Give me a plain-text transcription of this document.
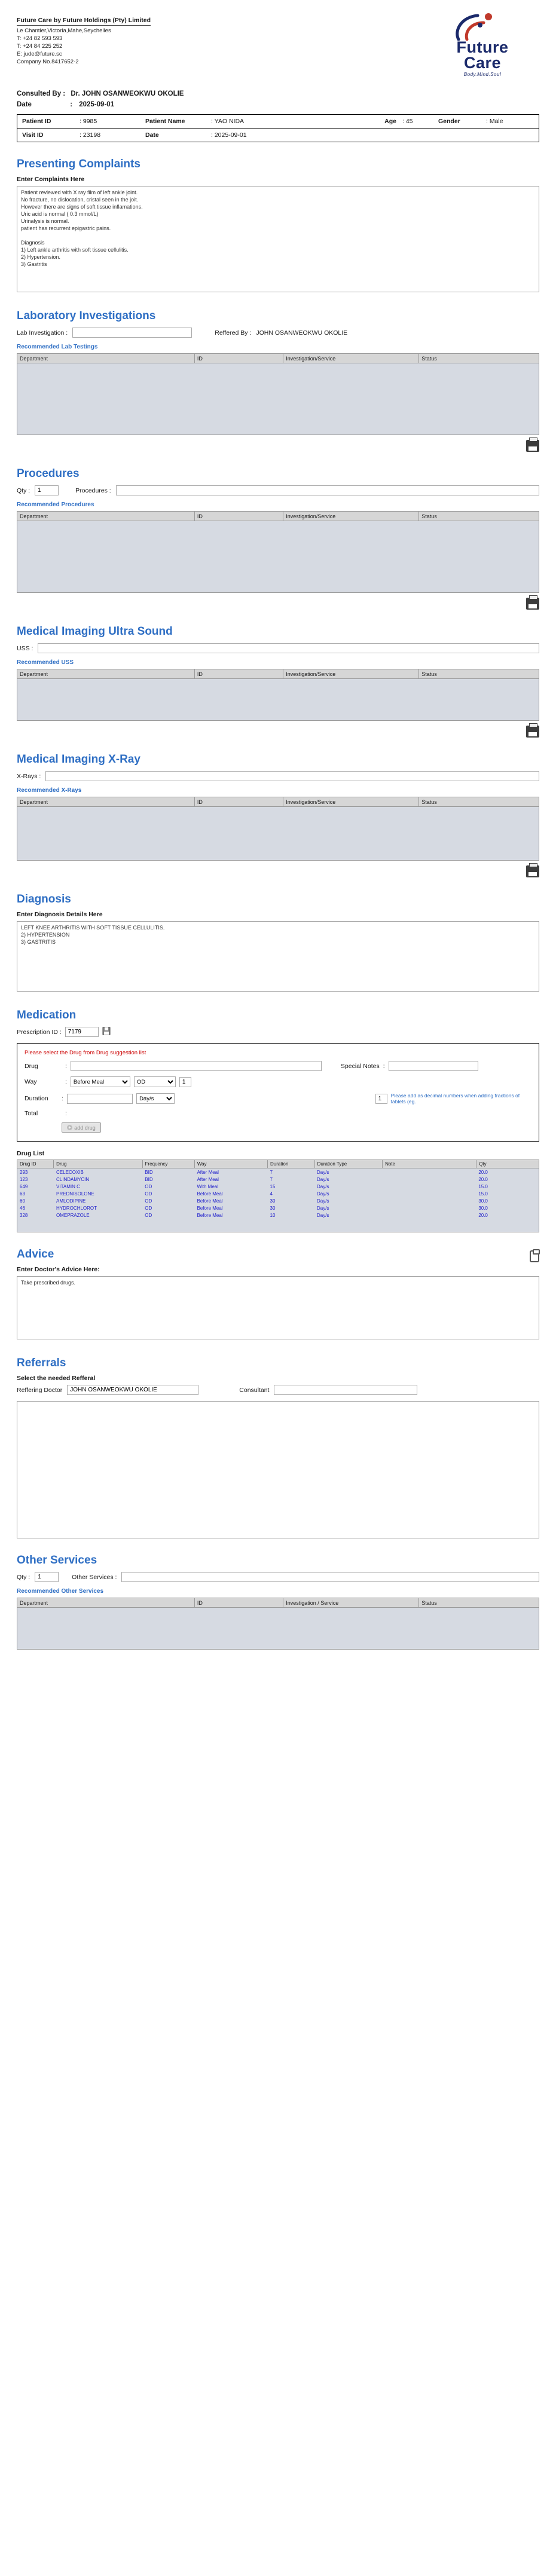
Future Care by Future Holdings (Pty) Limited
Le Chantier,Victoria,Mahe,Seychelles
T: +24 82 593 593
T: +24 84 225 252
E: jude@future.sc
Company No.8417652-2
Future
Care
Body.Mind.Soul
Consulted By : Dr. JOHN OSANWEOKWU OKOLIE
Date	: 2025-09-01
Patient ID	: 9985	Patient Name	: YAO NIDA	Age : 45	Gender	: Male
Visit ID	: 23198	Date	: 2025-09-01
Presenting Complaints
Enter Complaints Here
Patient reviewed with X ray film of left ankle joint. No fracture, no dislocation, cristal seen in the joit. However there are signs of soft tissue inflamations. Uric acid is normal ( 0.3 mmol/L) Urinalysis is normal. patient has recurrent epigastric pains. Diagnosis 1) Left ankle arthritis with soft tissue cellulitis. 2) Hypertension. 3) Gastritis
Laboratory Investigations
Lab Investigation :	Reffered By : JOHN OSANWEOKWU OKOLIE
Recommended Lab Testings
Department	ID	Investigation/Service	Status
Procedures
Qty :
1	Procedures :
Recommended Procedures
Department	ID	Investigation/Service	Status
Medical Imaging Ultra Sound
USS :
Recommended USS
Department	ID	Investigation/Service	Status
Medical Imaging X-Ray
X-Rays :
Recommended X-Rays
Department	ID	Investigation/Service	Status
Diagnosis
Enter Diagnosis Details Here
LEFT KNEE ARTHRITIS WITH SOFT TISSUE CELLULITIS. 2) HYPERTENSION 3) GASTRITIS
Medication
Prescription ID :
7179
Please select the Drug from Drug suggestion list
Drug	:	Special Notes :
Way	:
Before Meal
OD
1
Duration	:
Day/s
1	Please add as decimal numbers when adding fractions of tablets (eg.
Total	:
+ add drug
Drug List
Drug ID	Drug	Frequency	Way	Duration	Duration Type	Note	Qty
293	CELECOXIB	BID	After Meal	7	Day/s		20.0
123	CLINDAMYCIN	BID	After Meal	7	Day/s		20.0
649	VITAMIN C	OD	With Meal	15	Day/s		15.0
63	PREDNISOLONE	OD	Before Meal	4	Day/s		15.0
60	AMLODIPINE	OD	Before Meal	30	Day/s		30.0
46	HYDROCHLOROT	OD	Before Meal	30	Day/s		30.0
328	OMEPRAZOLE	OD	Before Meal	10	Day/s		20.0
Advice
Enter Doctor's Advice Here:
Take prescribed drugs.
Referrals
Select the needed Refferal
Reffering Doctor
JOHN OSANWEOKWU OKOLIE	Consultant
Other Services
Qty :
1	Other Services :
Recommended Other Services
Department	ID	Investigation / Service	Status
